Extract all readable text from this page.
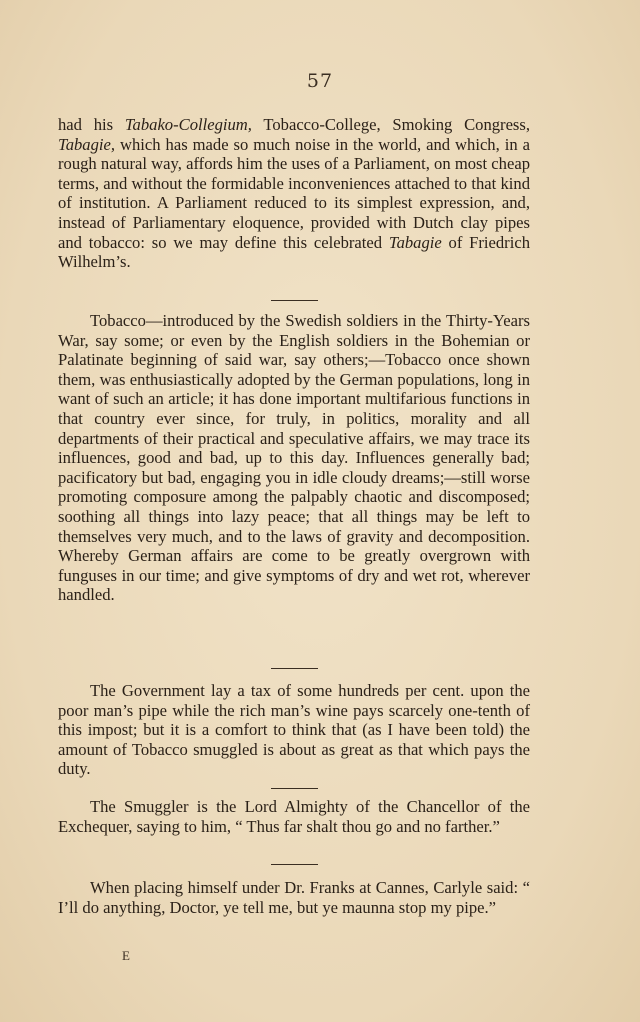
57

had his Tabako-Collegium, Tobacco-College, Smoking Congress, Tabagie, which has made so much noise in the world, and which, in a rough natural way, affords him the uses of a Parliament, on most cheap terms, and without the formidable inconveniences attached to that kind of institution. A Parliament reduced to its simplest expression, and, instead of Parliamentary eloquence, provided with Dutch clay pipes and tobacco: so we may define this celebrated Tabagie of Friedrich Wilhelm’s.

Tobacco—introduced by the Swedish soldiers in the Thirty-Years War, say some; or even by the English soldiers in the Bohemian or Palatinate beginning of said war, say others;—Tobacco once shown them, was enthusiastically adopted by the German populations, long in want of such an article; it has done important multifarious functions in that country ever since, for truly, in politics, morality and all departments of their practical and speculative affairs, we may trace its influences, good and bad, up to this day. Influences generally bad; pacificatory but bad, engaging you in idle cloudy dreams;—still worse promoting composure among the palpably chaotic and discomposed; soothing all things into lazy peace; that all things may be left to themselves very much, and to the laws of gravity and decomposition. Whereby German affairs are come to be greatly overgrown with funguses in our time; and give symptoms of dry and wet rot, wherever handled.

The Government lay a tax of some hundreds per cent. upon the poor man’s pipe while the rich man’s wine pays scarcely one-tenth of this impost; but it is a comfort to think that (as I have been told) the amount of Tobacco smuggled is about as great as that which pays the duty.

The Smuggler is the Lord Almighty of the Chancellor of the Exchequer, saying to him, “ Thus far shalt thou go and no farther.”

When placing himself under Dr. Franks at Cannes, Carlyle said: “ I’ll do anything, Doctor, ye tell me, but ye maunna stop my pipe.”

E
